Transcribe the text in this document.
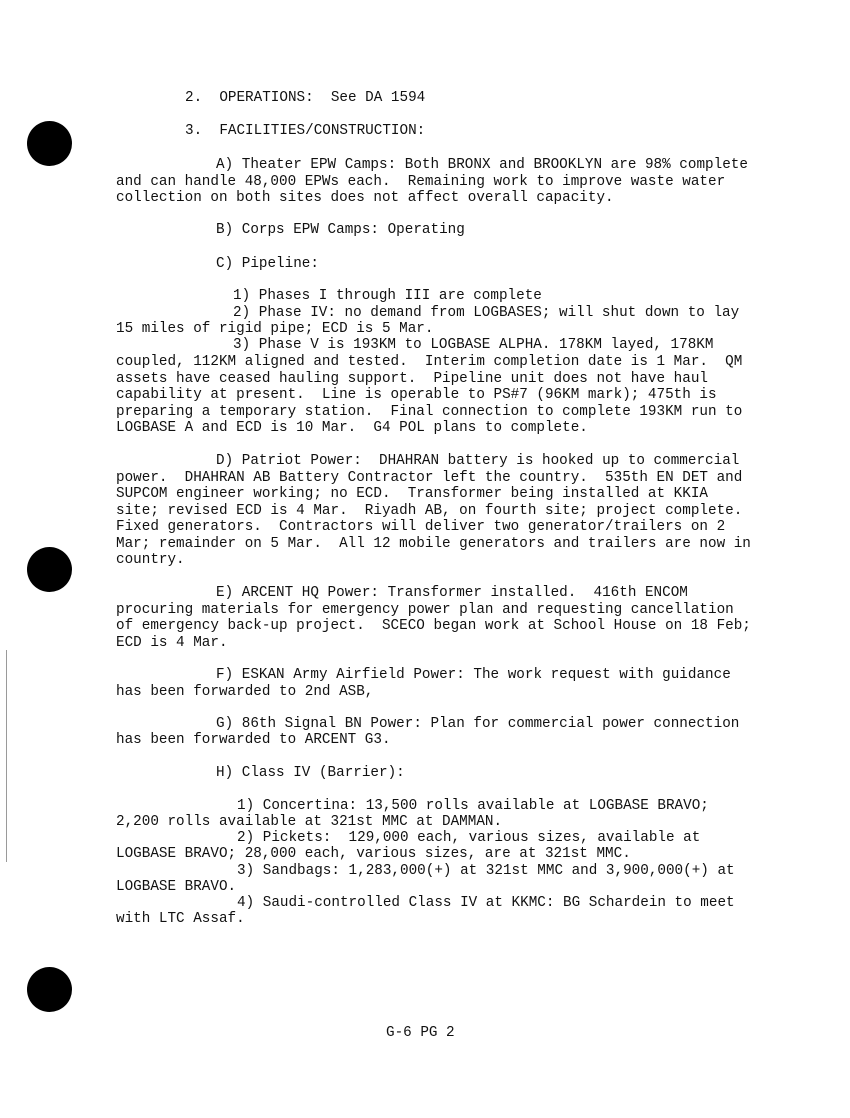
2.  OPERATIONS:  See DA 1594
3.  FACILITIES/CONSTRUCTION:
A) Theater EPW Camps: Both BRONX and BROOKLYN are 98% complete
and can handle 48,000 EPWs each.  Remaining work to improve waste water
collection on both sites does not affect overall capacity.
B) Corps EPW Camps: Operating
C) Pipeline:
1) Phases I through III are complete
2) Phase IV: no demand from LOGBASES; will shut down to lay
15 miles of rigid pipe; ECD is 5 Mar.
3) Phase V is 193KM to LOGBASE ALPHA. 178KM layed, 178KM
coupled, 112KM aligned and tested.  Interim completion date is 1 Mar.  QM
assets have ceased hauling support.  Pipeline unit does not have haul
capability at present.  Line is operable to PS#7 (96KM mark); 475th is
preparing a temporary station.  Final connection to complete 193KM run to
LOGBASE A and ECD is 10 Mar.  G4 POL plans to complete.
D) Patriot Power:  DHAHRAN battery is hooked up to commercial
power.  DHAHRAN AB Battery Contractor left the country.  535th EN DET and
SUPCOM engineer working; no ECD.  Transformer being installed at KKIA
site; revised ECD is 4 Mar.  Riyadh AB, on fourth site; project complete.
Fixed generators.  Contractors will deliver two generator/trailers on 2
Mar; remainder on 5 Mar.  All 12 mobile generators and trailers are now in
country.
E) ARCENT HQ Power: Transformer installed.  416th ENCOM
procuring materials for emergency power plan and requesting cancellation
of emergency back-up project.  SCECO began work at School House on 18 Feb;
ECD is 4 Mar.
F) ESKAN Army Airfield Power: The work request with guidance
has been forwarded to 2nd ASB,
G) 86th Signal BN Power: Plan for commercial power connection
has been forwarded to ARCENT G3.
H) Class IV (Barrier):
1) Concertina: 13,500 rolls available at LOGBASE BRAVO;
2,200 rolls available at 321st MMC at DAMMAN.
2) Pickets:  129,000 each, various sizes, available at
LOGBASE BRAVO; 28,000 each, various sizes, are at 321st MMC.
3) Sandbags: 1,283,000(+) at 321st MMC and 3,900,000(+) at
LOGBASE BRAVO.
4) Saudi-controlled Class IV at KKMC: BG Schardein to meet
with LTC Assaf.
G-6 PG 2
